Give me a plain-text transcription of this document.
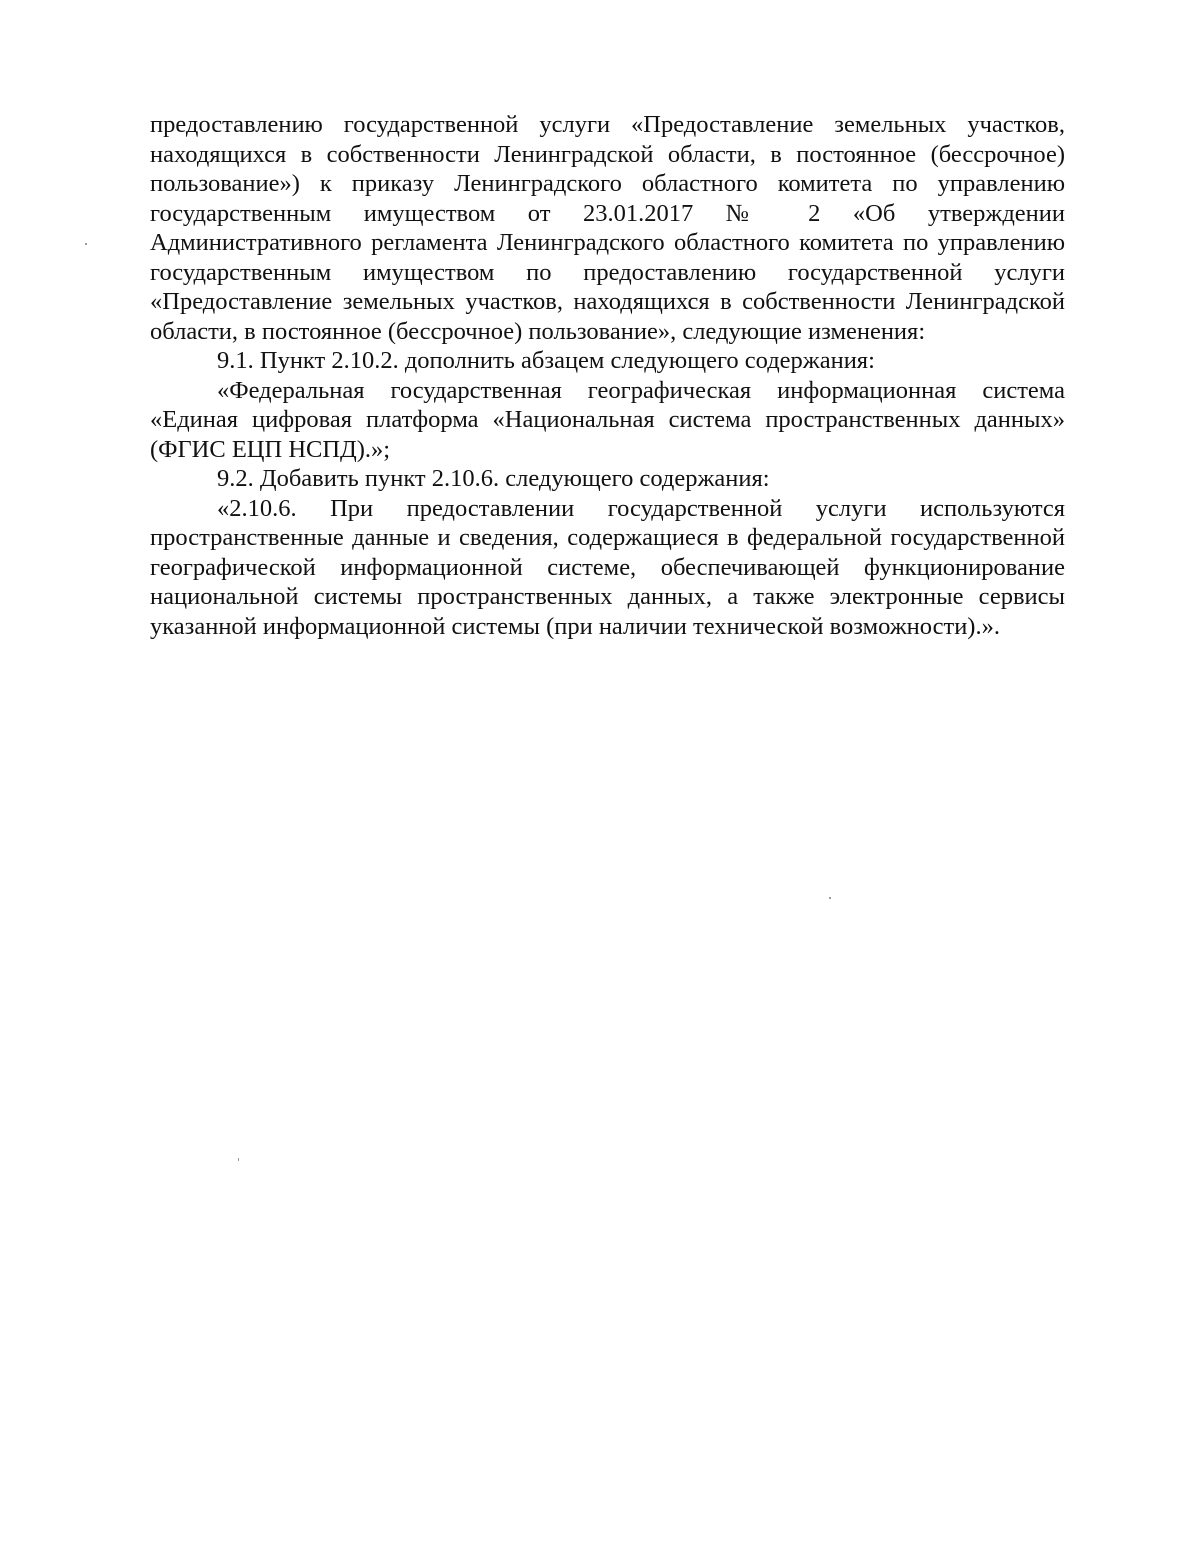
предоставлению государственной услуги «Предоставление земельных участков, находящихся в собственности Ленинградской области, в постоянное (бессрочное) пользование») к приказу Ленинградского областного комитета по управлению государственным имуществом от 23.01.2017 № 2 «Об утверждении Административного регламента Ленинградского областного комитета по управлению государственным имуществом по предоставлению государственной услуги «Предоставление земельных участков, находящихся в собственности Ленинградской области, в постоянное (бессрочное) пользование», следующие изменения:

9.1. Пункт 2.10.2. дополнить абзацем следующего содержания:

«Федеральная государственная географическая информационная система «Единая цифровая платформа «Национальная система пространственных данных» (ФГИС ЕЦП НСПД).»;

9.2. Добавить пункт 2.10.6. следующего содержания:

«2.10.6. При предоставлении государственной услуги используются пространственные данные и сведения, содержащиеся в федеральной государственной географической информационной системе, обеспечивающей функционирование национальной системы пространственных данных, а также электронные сервисы указанной информационной системы (при наличии технической возможности).».
